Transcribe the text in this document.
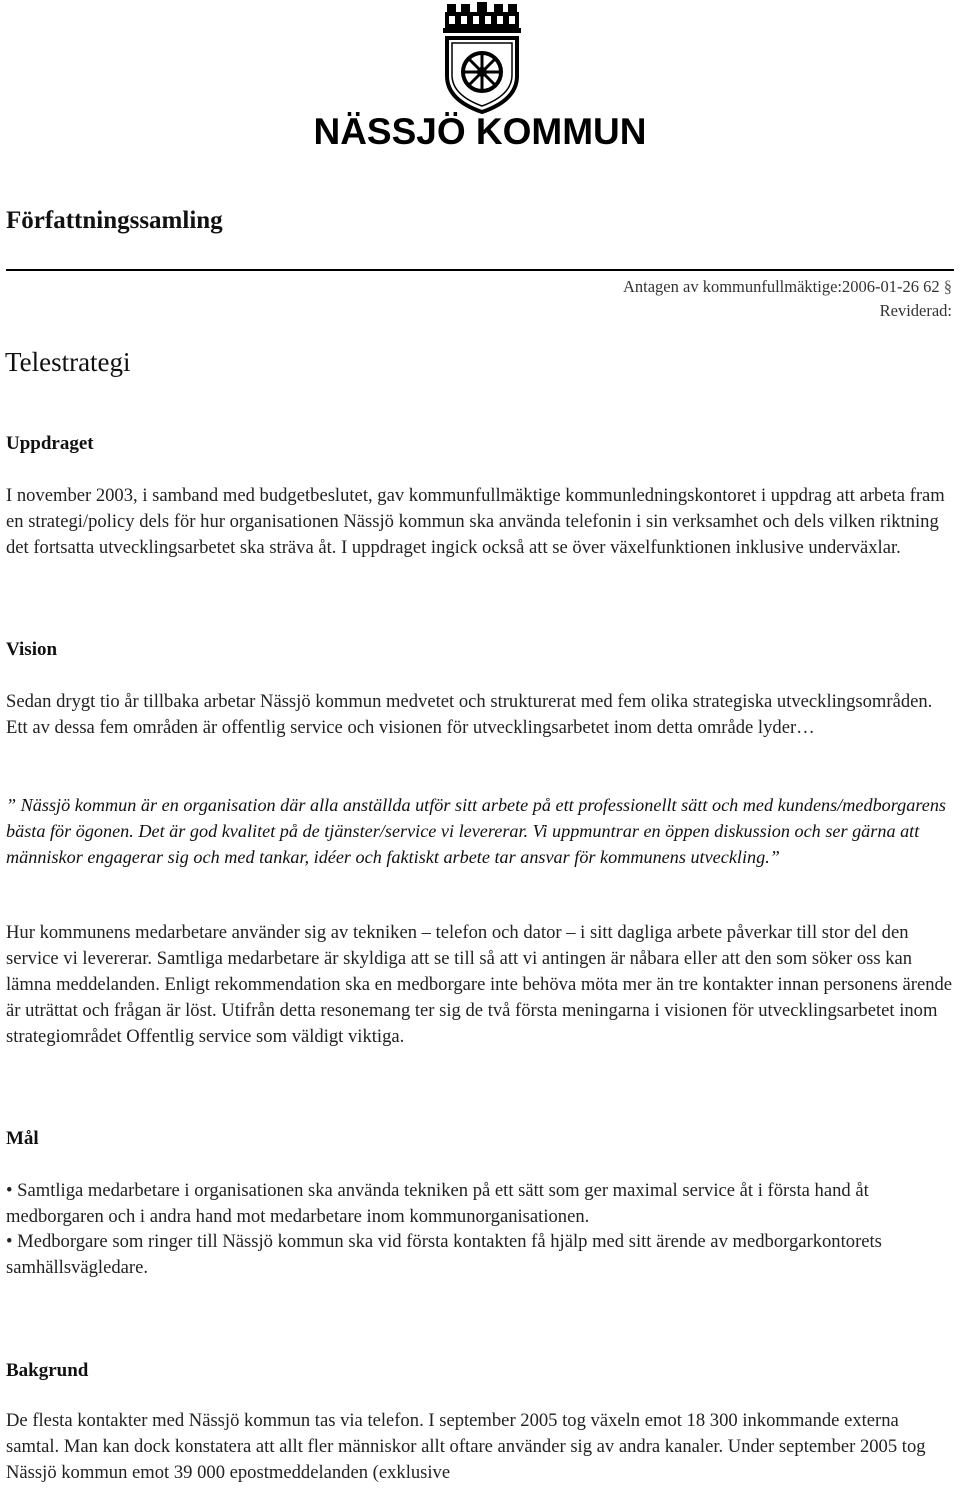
NÄSSJÖ KOMMUN
Författningssamling
Antagen av kommunfullmäktige:2006-01-26 62 §
Reviderad:
Telestrategi
Uppdraget
I november 2003, i samband med budgetbeslutet, gav kommunfullmäktige kommunledningskontoret i uppdrag att arbeta fram en strategi/policy dels för hur organisationen Nässjö kommun ska använda telefonin i sin verksamhet och dels vilken riktning det fortsatta utvecklingsarbetet ska sträva åt. I uppdraget ingick också att se över växelfunktionen inklusive underväxlar.
Vision
Sedan drygt tio år tillbaka arbetar Nässjö kommun medvetet och strukturerat med fem olika strategiska utvecklingsområden. Ett av dessa fem områden är offentlig service och visionen för utvecklingsarbetet inom detta område lyder…
” Nässjö kommun är en organisation där alla anställda utför sitt arbete på ett professionellt sätt och med kundens/medborgarens bästa för ögonen. Det är god kvalitet på de tjänster/service vi levererar. Vi uppmuntrar en öppen diskussion och ser gärna att människor engagerar sig och med tankar, idéer och faktiskt arbete tar ansvar för kommunens utveckling.”
Hur kommunens medarbetare använder sig av tekniken – telefon och dator – i sitt dagliga arbete påverkar till stor del den service vi levererar. Samtliga medarbetare är skyldiga att se till så att vi antingen är nåbara eller att den som söker oss kan lämna meddelanden. Enligt rekommendation ska en medborgare inte behöva möta mer än tre kontakter innan personens ärende är uträttat och frågan är löst. Utifrån detta resonemang ter sig de två första meningarna i visionen för utvecklingsarbetet inom strategiområdet Offentlig service som väldigt viktiga.
Mål
• Samtliga medarbetare i organisationen ska använda tekniken på ett sätt som ger maximal service åt i första hand åt medborgaren och i andra hand mot medarbetare inom kommunorganisationen.
• Medborgare som ringer till Nässjö kommun ska vid första kontakten få hjälp med sitt ärende av medborgarkontorets samhällsvägledare.
Bakgrund
De flesta kontakter med Nässjö kommun tas via telefon. I september 2005 tog växeln emot 18 300 inkommande externa samtal. Man kan dock konstatera att allt fler människor allt oftare använder sig av andra kanaler. Under september 2005 tog Nässjö kommun emot 39 000 epostmeddelanden (exklusive
